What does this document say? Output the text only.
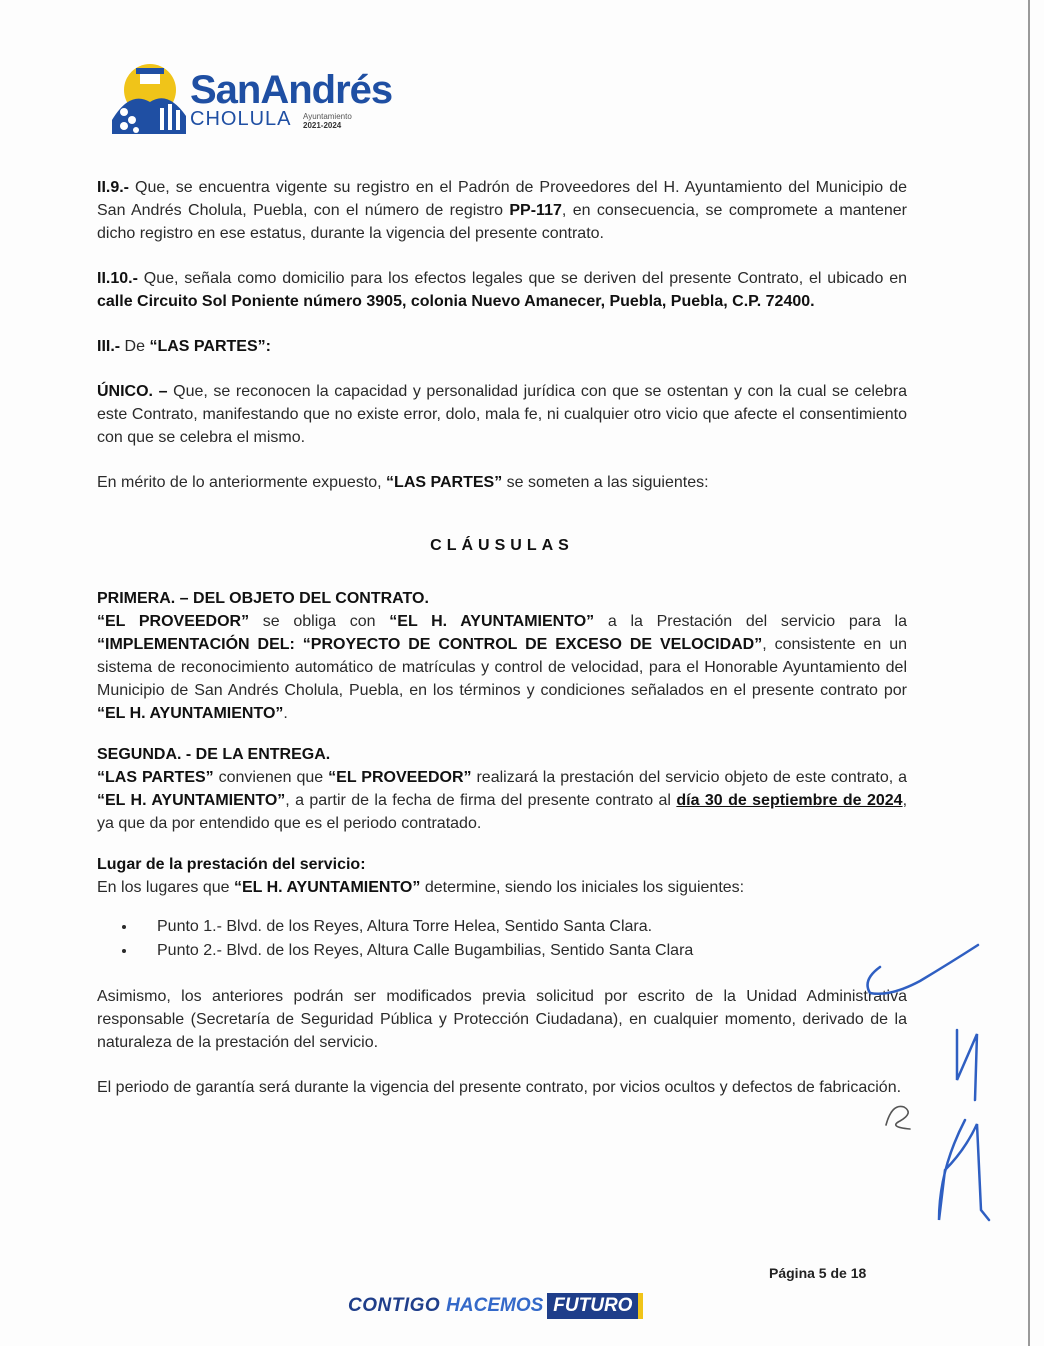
SanAndrés
CHOLULA Ayuntamiento
2021-2024

II.9.- Que, se encuentra vigente su registro en el Padrón de Proveedores del H. Ayuntamiento del Municipio de San Andrés Cholula, Puebla, con el número de registro PP-117, en consecuencia, se compromete a mantener dicho registro en ese estatus, durante la vigencia del presente contrato.

II.10.- Que, señala como domicilio para los efectos legales que se deriven del presente Contrato, el ubicado en calle Circuito Sol Poniente número 3905, colonia Nuevo Amanecer, Puebla, Puebla, C.P. 72400.

III.- De “LAS PARTES”:

ÚNICO. – Que, se reconocen la capacidad y personalidad jurídica con que se ostentan y con la cual se celebra este Contrato, manifestando que no existe error, dolo, mala fe, ni cualquier otro vicio que afecte el consentimiento con que se celebra el mismo.

En mérito de lo anteriormente expuesto, “LAS PARTES” se someten a las siguientes:

CLÁUSULAS

PRIMERA. – DEL OBJETO DEL CONTRATO.

“EL PROVEEDOR” se obliga con “EL H. AYUNTAMIENTO” a la Prestación del servicio para la “IMPLEMENTACIÓN DEL: “PROYECTO DE CONTROL DE EXCESO DE VELOCIDAD”, consistente en un sistema de reconocimiento automático de matrículas y control de velocidad, para el Honorable Ayuntamiento del Municipio de San Andrés Cholula, Puebla, en los términos y condiciones señalados en el presente contrato por “EL H. AYUNTAMIENTO”.

SEGUNDA. - DE LA ENTREGA.

“LAS PARTES” convienen que “EL PROVEEDOR” realizará la prestación del servicio objeto de este contrato, a “EL H. AYUNTAMIENTO”, a partir de la fecha de firma del presente contrato al día 30 de septiembre de 2024, ya que da por entendido que es el periodo contratado.

Lugar de la prestación del servicio:

En los lugares que “EL H. AYUNTAMIENTO” determine, siendo los iniciales los siguientes:

• Punto 1.- Blvd. de los Reyes, Altura Torre Helea, Sentido Santa Clara.
• Punto 2.- Blvd. de los Reyes, Altura Calle Bugambilias, Sentido Santa Clara

Asimismo, los anteriores podrán ser modificados previa solicitud por escrito de la Unidad Administrativa responsable (Secretaría de Seguridad Pública y Protección Ciudadana), en cualquier momento, derivado de la naturaleza de la prestación del servicio.

El periodo de garantía será durante la vigencia del presente contrato, por vicios ocultos y defectos de fabricación.

Página 5 de 18
CONTIGO HACEMOS FUTURO
